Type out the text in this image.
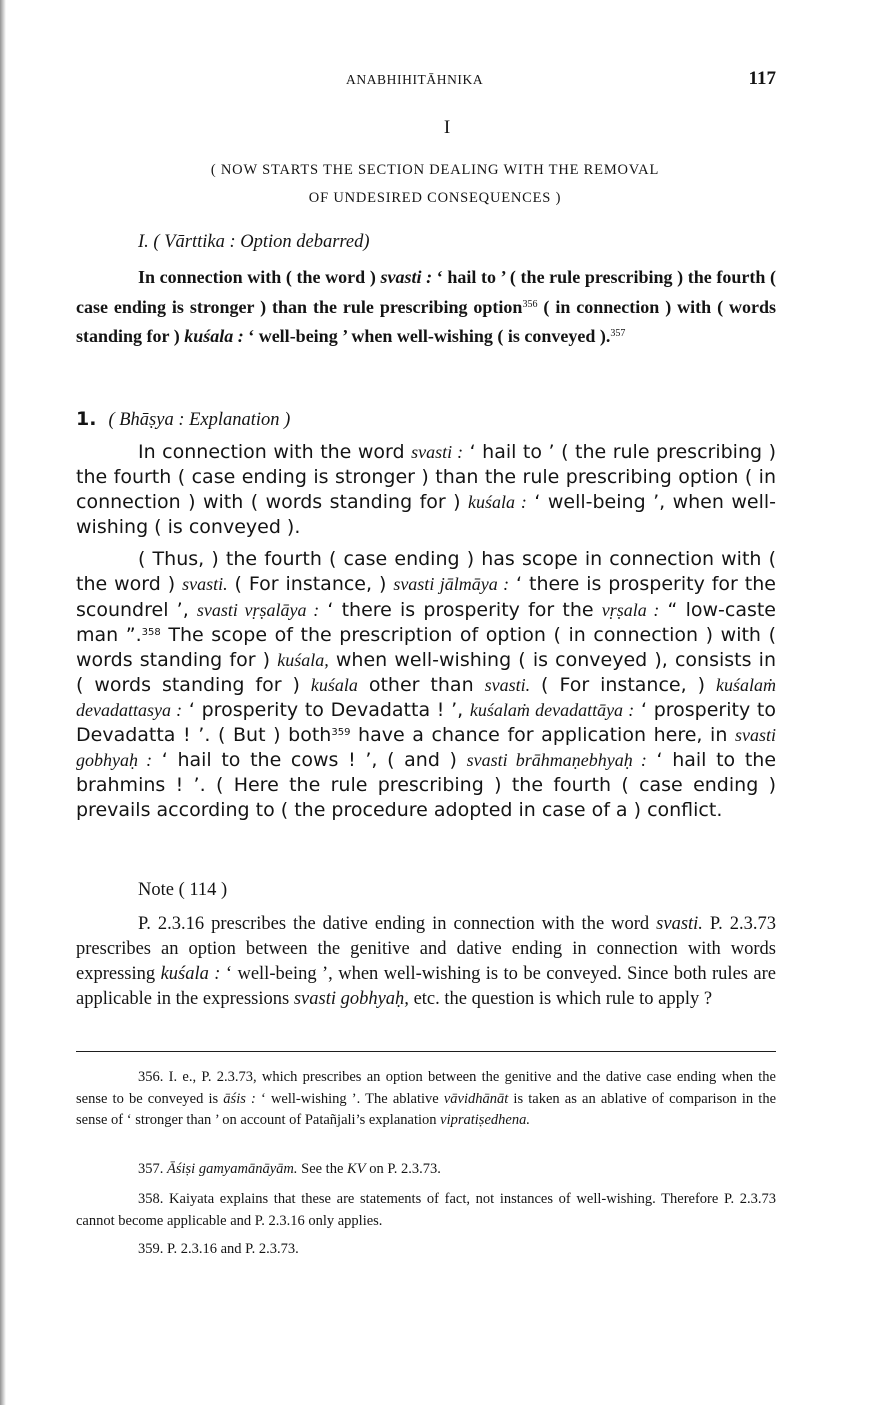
ANABHIHITĀHNIKA	117
I
( NOW STARTS THE SECTION DEALING WITH THE REMOVAL
OF UNDESIRED CONSEQUENCES )
I. ( Vārttika : Option debarred)
In connection with ( the word ) svasti : ‘ hail to ’ ( the rule prescribing ) the fourth ( case ending is stronger ) than the rule prescribing option$^{356}$ ( in connection ) with ( words standing for ) kuśala : ‘ well-being ’ when well-wishing ( is conveyed ).$^{357}$
1. ( Bhāṣya : Explanation )

In connection with the word svasti : ‘ hail to ’ ( the rule prescribing ) the fourth ( case ending is stronger ) than the rule prescribing option ( in connection ) with ( words standing for ) kuśala : ‘ well-being ’, when well-wishing ( is conveyed ).

( Thus, ) the fourth ( case ending ) has scope in connection with ( the word ) svasti. ( For instance, ) svasti jālmāya : ‘ there is prosperity for the scoundrel ’, svasti vṛṣalāya : ‘ there is prosperity for the vṛṣala : “ low-caste man ”.$^{358}$ The scope of the prescription of option ( in connection ) with ( words standing for ) kuśala, when well-wishing ( is conveyed ), consists in ( words standing for ) kuśala other than svasti. ( For instance, ) kuśalaṁ devadattasya : ‘ prosperity to Devadatta ! ’, kuśalaṁ devadattāya : ‘ prosperity to Devadatta ! ’. ( But ) both$^{359}$ have a chance for application here, in svasti gobhyaḥ : ‘ hail to the cows ! ’, ( and ) svasti brāhmaṇebhyaḥ : ‘ hail to the brahmins ! ’. ( Here the rule prescribing ) the fourth ( case ending ) prevails according to ( the procedure adopted in case of a ) conflict.

Note ( 114 )

P. 2.3.16 prescribes the dative ending in connection with the word svasti. P. 2.3.73 prescribes an option between the genitive and dative ending in connection with words expressing kuśala : ‘ well-being ’, when well-wishing is to be conveyed. Since both rules are applicable in the expressions svasti gobhyaḥ, etc. the question is which rule to apply ?

356. I. e., P. 2.3.73, which prescribes an option between the genitive and the dative case ending when the sense to be conveyed is āśis : ‘ well-wishing ’. The ablative vāvidhānāt is taken as an ablative of comparison in the sense of ‘ stronger than ’ on account of Patañjali’s explanation vipratiṣedhena.

357. Āśiṣi gamyamānāyām. See the KV on P. 2.3.73.

358. Kaiyata explains that these are statements of fact, not instances of well-wishing. Therefore P. 2.3.73 cannot become applicable and P. 2.3.16 only applies.

359. P. 2.3.16 and P. 2.3.73.
